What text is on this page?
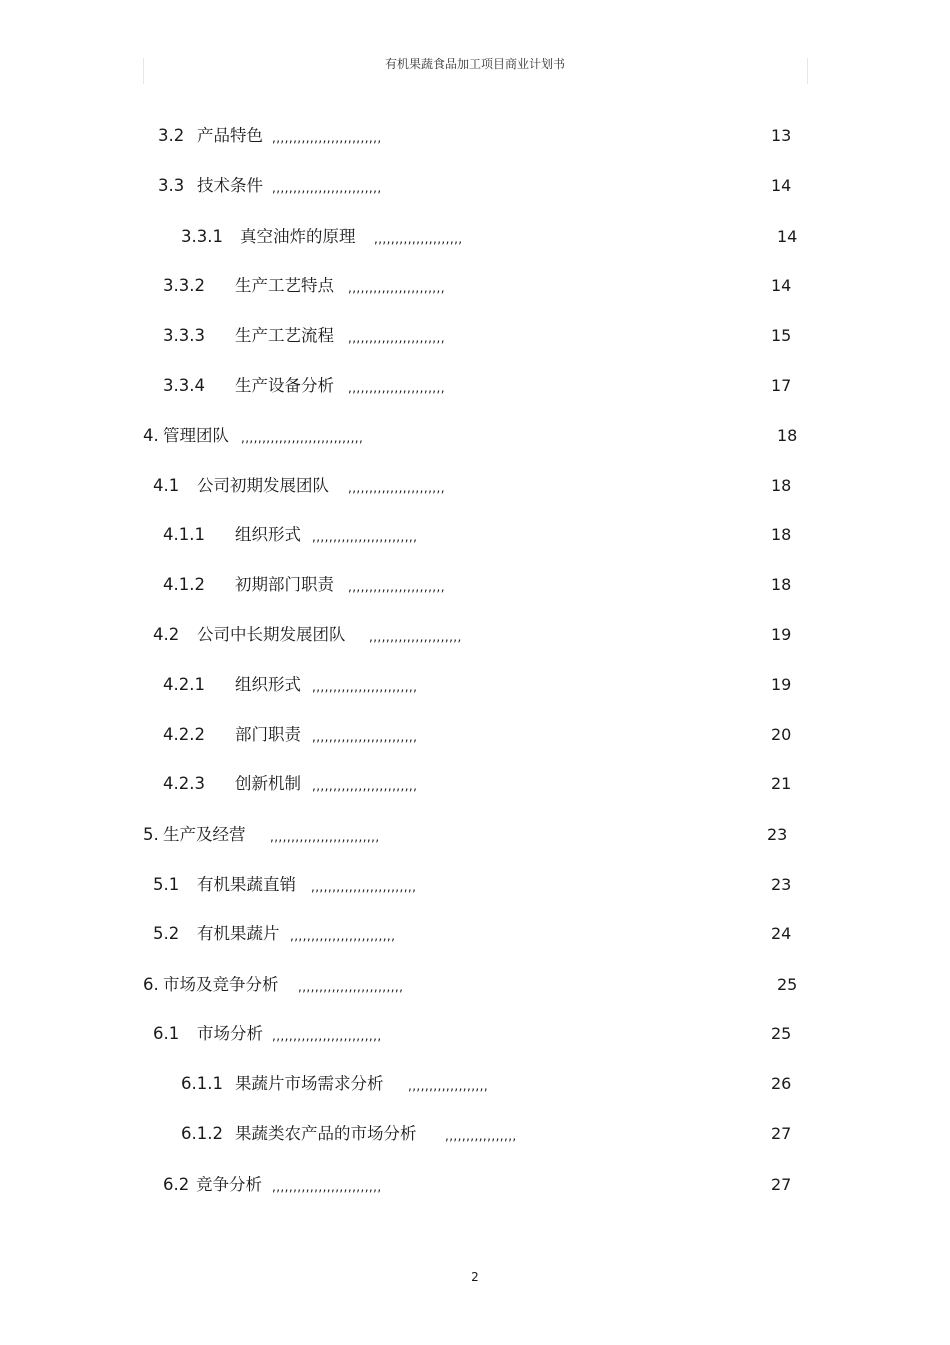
有机果蔬食品加工项目商业计划书
3.2 产品特色 ,,,,,,,,,,,,,,,,,,,,,,,,,,	13
3.3 技术条件 ,,,,,,,,,,,,,,,,,,,,,,,,,,	14
3.3.1 真空油炸的原理 ,,,,,,,,,,,,,,,,,,,,,	14
3.3.2 生产工艺特点 ,,,,,,,,,,,,,,,,,,,,,,,	14
3.3.3 生产工艺流程 ,,,,,,,,,,,,,,,,,,,,,,,	15
3.3.4 生产设备分析 ,,,,,,,,,,,,,,,,,,,,,,,	17
4. 管理团队 ,,,,,,,,,,,,,,,,,,,,,,,,,,,,,	18
4.1 公司初期发展团队 ,,,,,,,,,,,,,,,,,,,,,,,	18
4.1.1 组织形式 ,,,,,,,,,,,,,,,,,,,,,,,,,	18
4.1.2 初期部门职责 ,,,,,,,,,,,,,,,,,,,,,,,	18
4.2 公司中长期发展团队 ,,,,,,,,,,,,,,,,,,,,,,	19
4.2.1 组织形式 ,,,,,,,,,,,,,,,,,,,,,,,,,	19
4.2.2 部门职责 ,,,,,,,,,,,,,,,,,,,,,,,,,	20
4.2.3 创新机制 ,,,,,,,,,,,,,,,,,,,,,,,,,	21
5. 生产及经营 ,,,,,,,,,,,,,,,,,,,,,,,,,,	23
5.1 有机果蔬直销 ,,,,,,,,,,,,,,,,,,,,,,,,,	23
5.2 有机果蔬片 ,,,,,,,,,,,,,,,,,,,,,,,,,	24
6. 市场及竞争分析 ,,,,,,,,,,,,,,,,,,,,,,,,,	25
6.1 市场分析 ,,,,,,,,,,,,,,,,,,,,,,,,,,	25
6.1.1 果蔬片市场需求分析 ,,,,,,,,,,,,,,,,,,,	26
6.1.2 果蔬类农产品的市场分析 ,,,,,,,,,,,,,,,,,	27
6.2 竞争分析 ,,,,,,,,,,,,,,,,,,,,,,,,,,	27
2
